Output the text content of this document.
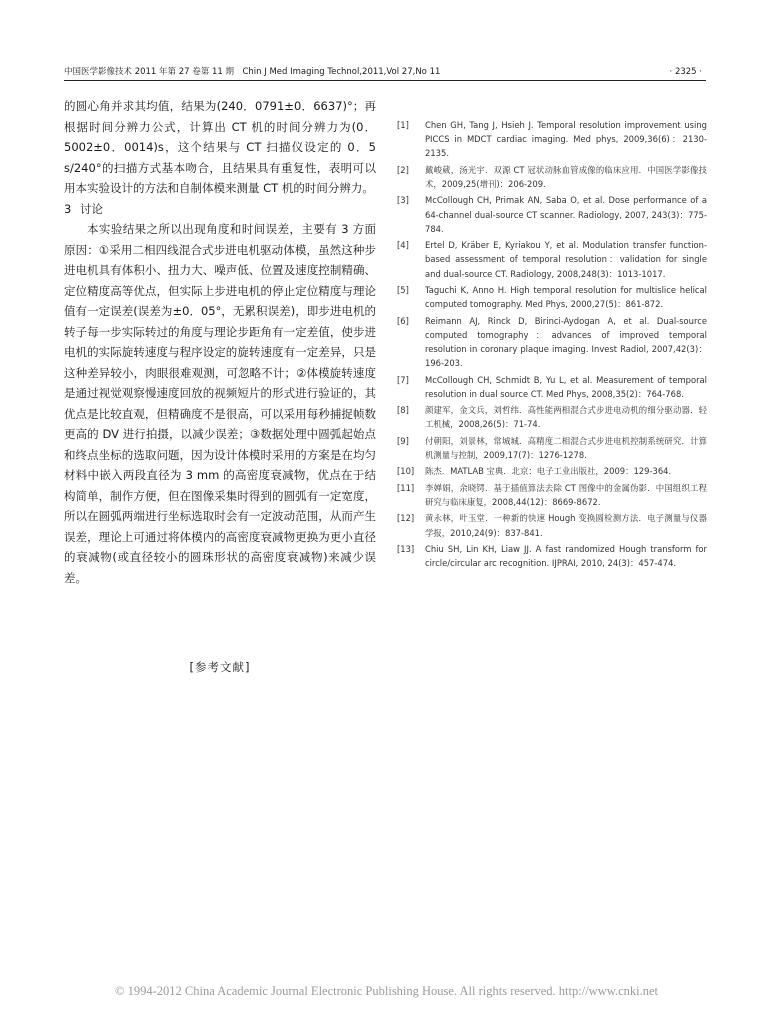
中国医学影像技术 2011 年第 27 卷第 11 期　Chin J Med Imaging Technol,2011,Vol 27,No 11	· 2325 ·

的圆心角并求其均值，结果为(240．0791±0．6637)°；再根据时间分辨力公式，计算出 CT 机的时间分辨力为(0．5002±0．0014)s，这个结果与 CT 扫描仪设定的 0．5 s/240°的扫描方式基本吻合，且结果具有重复性，表明可以用本实验设计的方法和自制体模来测量 CT 机的时间分辨力。

3 讨论

本实验结果之所以出现角度和时间误差，主要有 3 方面原因：①采用二相四线混合式步进电机驱动体模，虽然这种步进电机具有体积小、扭力大、噪声低、位置及速度控制精确、定位精度高等优点，但实际上步进电机的停止定位精度与理论值有一定误差(误差为±0．05°，无累积误差)，即步进电机的转子每一步实际转过的角度与理论步距角有一定差值，使步进电机的实际旋转速度与程序设定的旋转速度有一定差异，只是这种差异较小，肉眼很难观测，可忽略不计；②体模旋转速度是通过视觉观察慢速度回放的视频短片的形式进行验证的，其优点是比较直观，但精确度不是很高，可以采用每秒捕捉帧数更高的 DV 进行拍摄，以减少误差；③数据处理中圆弧起始点和终点坐标的选取问题，因为设计体模时采用的方案是在均匀材料中嵌入两段直径为 3 mm 的高密度衰减物，优点在于结构简单，制作方便，但在图像采集时得到的圆弧有一定宽度，所以在圆弧两端进行坐标选取时会有一定波动范围，从而产生误差，理论上可通过将体模内的高密度衰减物更换为更小直径的衰减物(或直径较小的圆珠形状的高密度衰减物)来减少误差。

[参考文献]
[1] Chen GH, Tang J, Hsieh J. Temporal resolution improvement using PICCS in MDCT cardiac imaging. Med phys, 2009,36(6)：2130-2135.
[2] 戴峻葳，汤光宇．双源 CT 冠状动脉血管成像的临床应用．中国医学影像技术，2009,25(增刊)：206-209.
[3] McCollough CH, Primak AN, Saba O, et al. Dose performance of a 64-channel dual-source CT scanner. Radiology, 2007, 243(3)：775-784.
[4] Ertel D, Kräber E, Kyriakou Y, et al. Modulation transfer function-based assessment of temporal resolution：validation for single and dual-source CT. Radiology, 2008,248(3)：1013-1017.
[5] Taguchi K, Anno H. High temporal resolution for multislice helical computed tomography. Med Phys, 2000,27(5)：861-872.
[6] Reimann AJ, Rinck D, Birinci-Aydogan A, et al. Dual-source computed tomography：advances of improved temporal resolution in coronary plaque imaging. Invest Radiol, 2007,42(3)：196-203.
[7] McCollough CH, Schmidt B, Yu L, et al. Measurement of temporal resolution in dual source CT. Med Phys, 2008,35(2)：764-768.
[8] 颜建军，金文兵，刘哲纬．高性能两相混合式步进电动机的细分驱动器．轻工机械，2008,26(5)：71-74.
[9] 付朝阳，刘景林，常城城．高精度二相混合式步进电机控制系统研究．计算机测量与控制，2009,17(7)：1276-1278.
[10] 陈杰．MATLAB 宝典．北京：电子工业出版社，2009：129-364.
[11] 李婵娟，余晓锷．基于插值算法去除 CT 图像中的金属伪影．中国组织工程研究与临床康复，2008,44(12)：8669-8672.
[12] 黄永林，叶玉堂．一种新的快速 Hough 变换圆检测方法．电子测量与仪器学报，2010,24(9)：837-841.
[13] Chiu SH, Lin KH, Liaw JJ. A fast randomized Hough transform for circle/circular arc recognition. IJPRAI, 2010, 24(3)：457-474.
© 1994-2012 China Academic Journal Electronic Publishing House. All rights reserved. http://www.cnki.net
